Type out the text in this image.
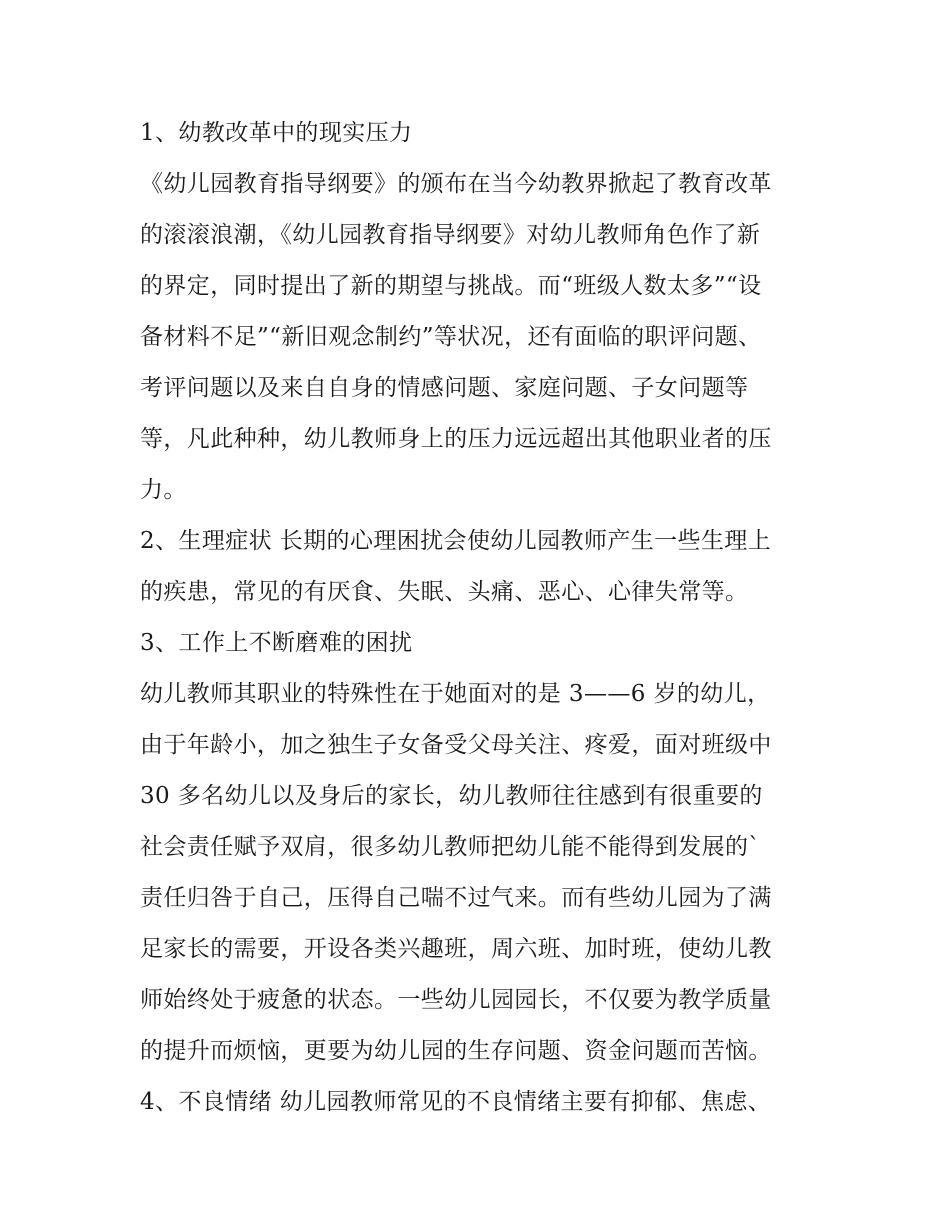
1、幼教改革中的现实压力
《幼儿园教育指导纲要》的颁布在当今幼教界掀起了教育改革
的滚滚浪潮，《幼儿园教育指导纲要》对幼儿教师角色作了新
的界定，同时提出了新的期望与挑战。而“班级人数太多”“设
备材料不足”“新旧观念制约”等状况，还有面临的职评问题、
考评问题以及来自自身的情感问题、家庭问题、子女问题等
等，凡此种种，幼儿教师身上的压力远远超出其他职业者的压
力。
2、生理症状 长期的心理困扰会使幼儿园教师产生一些生理上
的疾患，常见的有厌食、失眠、头痛、恶心、心律失常等。
3、工作上不断磨难的困扰
幼儿教师其职业的特殊性在于她面对的是 3——6 岁的幼儿，
由于年龄小，加之独生子女备受父母关注、疼爱，面对班级中
30 多名幼儿以及身后的家长，幼儿教师往往感到有很重要的
社会责任赋予双肩，很多幼儿教师把幼儿能不能得到发展的`
责任归咎于自己，压得自己喘不过气来。而有些幼儿园为了满
足家长的需要，开设各类兴趣班，周六班、加时班，使幼儿教
师始终处于疲惫的状态。一些幼儿园园长，不仅要为教学质量
的提升而烦恼，更要为幼儿园的生存问题、资金问题而苦恼。
4、不良情绪 幼儿园教师常见的不良情绪主要有抑郁、焦虑、
